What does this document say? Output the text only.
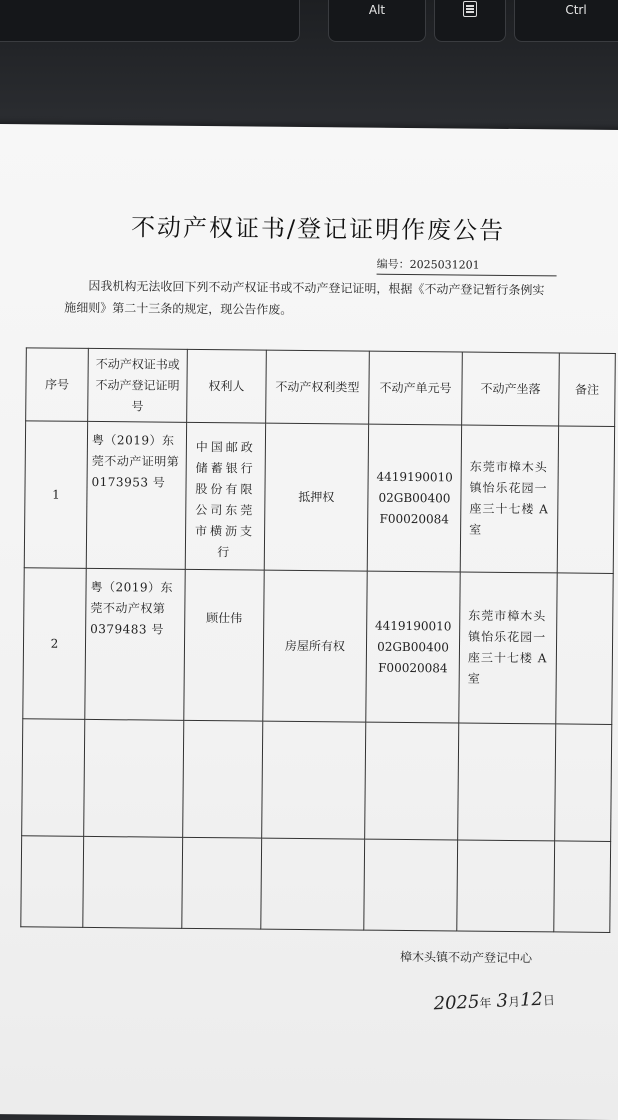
Alt	Ctrl
不动产权证书/登记证明作废公告
编号：2025031201

因我机构无法收回下列不动产权证书或不动产登记证明，根据《不动产登记暂行条例实

施细则》第二十三条的规定，现公告作废。

序号	不动产权证书或不动产登记证明号	权利人	不动产权利类型	不动产单元号	不动产坐落	备注
1	粤（2019）东莞不动产证明第0173953 号	中国邮政储蓄银行股份有限公司东莞市横沥支行	抵押权	441919001002GB00400F00020084	东莞市樟木头镇怡乐花园一座三十七楼 A 室	
2	粤（2019）东莞不动产权第0379483 号	顾仕伟	房屋所有权	441919001002GB00400F00020084	东莞市樟木头镇怡乐花园一座三十七楼 A 室	

樟木头镇不动产登记中心
2025年 3月12日
